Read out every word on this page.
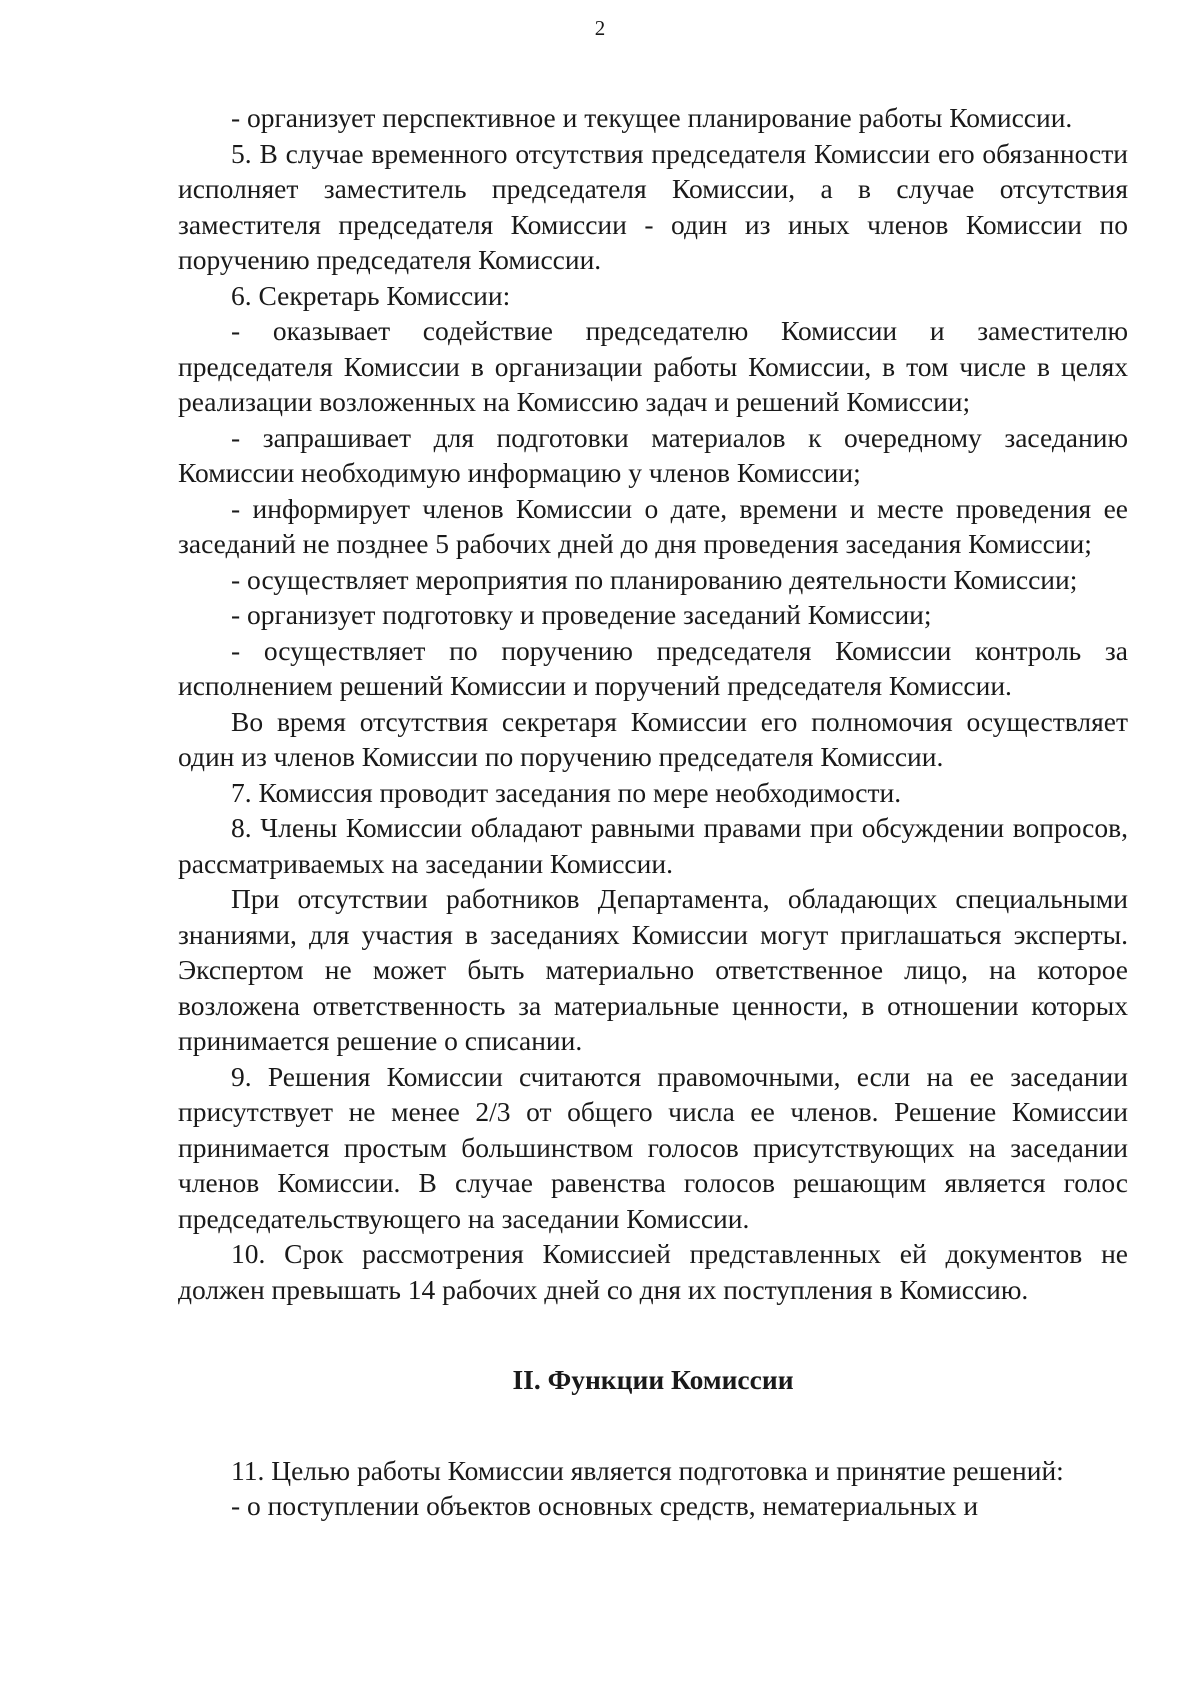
2

- организует перспективное и текущее планирование работы Комиссии.

5. В случае временного отсутствия председателя Комиссии его обязанности исполняет заместитель председателя Комиссии, а в случае отсутствия заместителя председателя Комиссии - один из иных членов Комиссии по поручению председателя Комиссии.

6. Секретарь Комиссии:

- оказывает содействие председателю Комиссии и заместителю председателя Комиссии в организации работы Комиссии, в том числе в целях реализации возложенных на Комиссию задач и решений Комиссии;

- запрашивает для подготовки материалов к очередному заседанию Комиссии необходимую информацию у членов Комиссии;

- информирует членов Комиссии о дате, времени и месте проведения ее заседаний не позднее 5 рабочих дней до дня проведения заседания Комиссии;

- осуществляет мероприятия по планированию деятельности Комиссии;

- организует подготовку и проведение заседаний Комиссии;

- осуществляет по поручению председателя Комиссии контроль за исполнением решений Комиссии и поручений председателя Комиссии.

Во время отсутствия секретаря Комиссии его полномочия осуществляет один из членов Комиссии по поручению председателя Комиссии.

7. Комиссия проводит заседания по мере необходимости.

8. Члены Комиссии обладают равными правами при обсуждении вопросов, рассматриваемых на заседании Комиссии.

При отсутствии работников Департамента, обладающих специальными знаниями, для участия в заседаниях Комиссии могут приглашаться эксперты. Экспертом не может быть материально ответственное лицо, на которое возложена ответственность за материальные ценности, в отношении которых принимается решение о списании.

9. Решения Комиссии считаются правомочными, если на ее заседании присутствует не менее 2/3 от общего числа ее членов. Решение Комиссии принимается простым большинством голосов присутствующих на заседании членов Комиссии. В случае равенства голосов решающим является голос председательствующего на заседании Комиссии.

10. Срок рассмотрения Комиссией представленных ей документов не должен превышать 14 рабочих дней со дня их поступления в Комиссию.

II. Функции Комиссии

11. Целью работы Комиссии является подготовка и принятие решений:

- о поступлении объектов основных средств, нематериальных и
